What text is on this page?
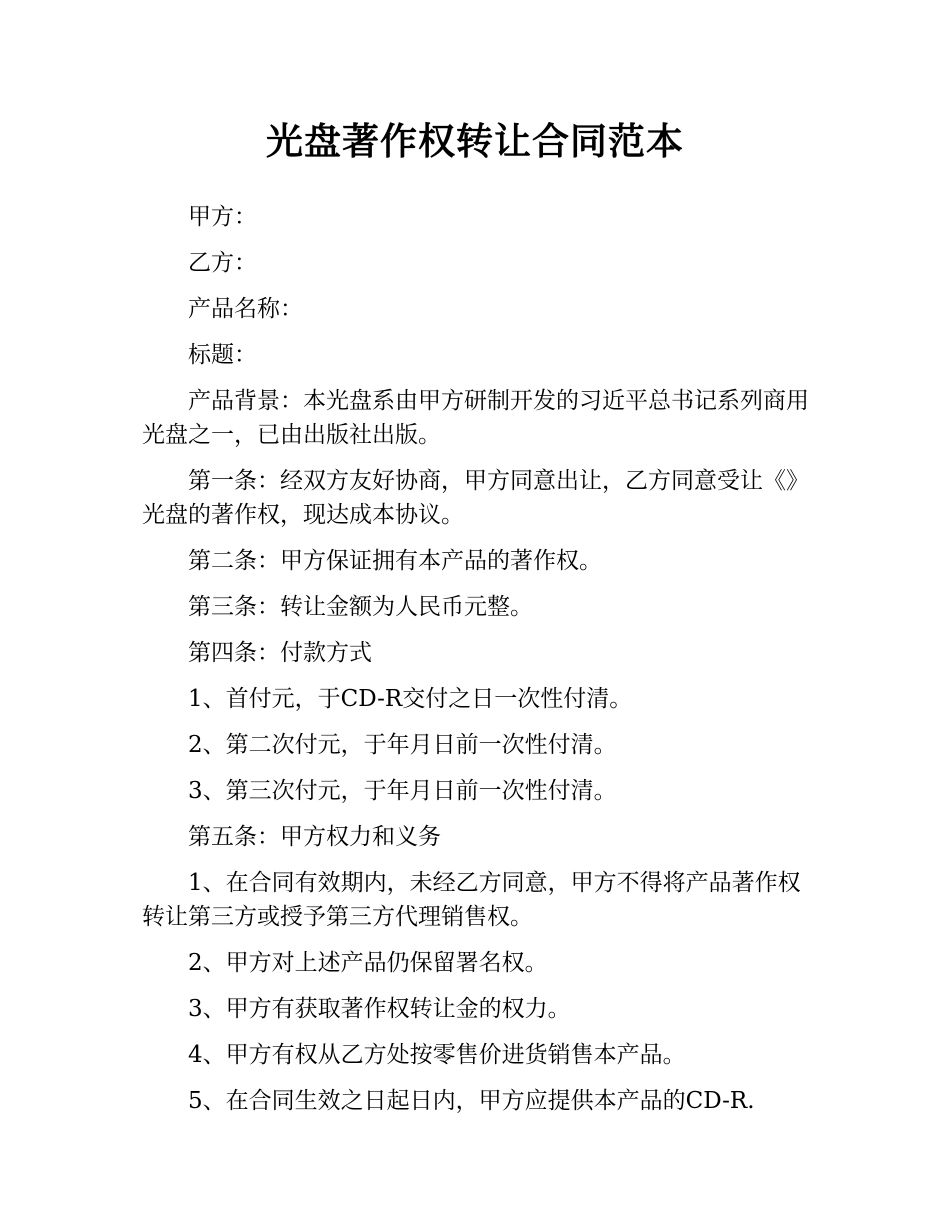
光盘著作权转让合同范本

甲方：

乙方：

产品名称：

标题：

产品背景：本光盘系由甲方研制开发的习近平总书记系列商用光盘之一，已由出版社出版。

第一条：经双方友好协商，甲方同意出让，乙方同意受让《》光盘的著作权，现达成本协议。

第二条：甲方保证拥有本产品的著作权。

第三条：转让金额为人民币元整。

第四条：付款方式

1、首付元，于CD-R交付之日一次性付清。

2、第二次付元，于年月日前一次性付清。

3、第三次付元，于年月日前一次性付清。

第五条：甲方权力和义务

1、在合同有效期内，未经乙方同意，甲方不得将产品著作权转让第三方或授予第三方代理销售权。

2、甲方对上述产品仍保留署名权。

3、甲方有获取著作权转让金的权力。

4、甲方有权从乙方处按零售价进货销售本产品。

5、在合同生效之日起日内，甲方应提供本产品的CD-R.
